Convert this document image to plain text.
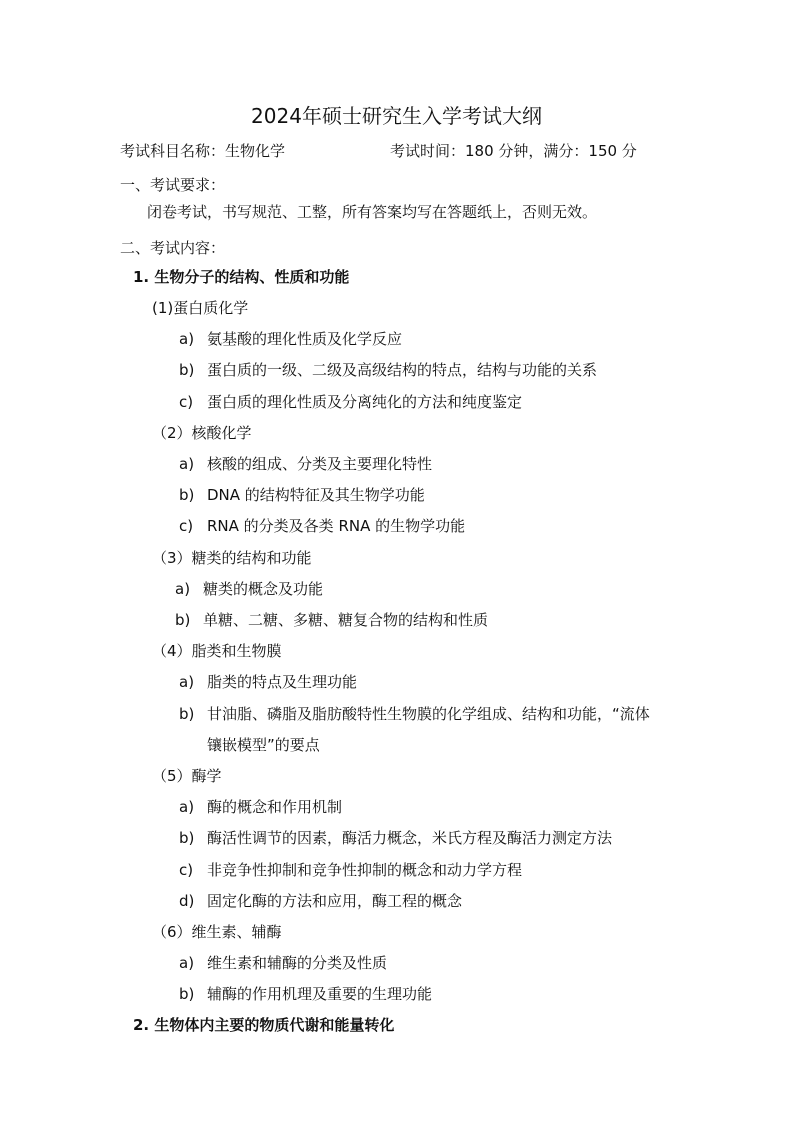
2024年硕士研究生入学考试大纲
考试科目名称：生物化学	考试时间：180 分钟，满分：150 分
一、考试要求：
闭卷考试，书写规范、工整，所有答案均写在答题纸上，否则无效。
二、考试内容：
1. 生物分子的结构、性质和功能
(1)蛋白质化学
a) 氨基酸的理化性质及化学反应
b) 蛋白质的一级、二级及高级结构的特点，结构与功能的关系
c) 蛋白质的理化性质及分离纯化的方法和纯度鉴定
（2）核酸化学
a) 核酸的组成、分类及主要理化特性
b) DNA 的结构特征及其生物学功能
c) RNA 的分类及各类 RNA 的生物学功能
（3）糖类的结构和功能
a) 糖类的概念及功能
b) 单糖、二糖、多糖、糖复合物的结构和性质
（4）脂类和生物膜
a) 脂类的特点及生理功能
b) 甘油脂、磷脂及脂肪酸特性生物膜的化学组成、结构和功能，“流体
镶嵌模型”的要点
（5）酶学
a) 酶的概念和作用机制
b) 酶活性调节的因素，酶活力概念，米氏方程及酶活力测定方法
c) 非竞争性抑制和竞争性抑制的概念和动力学方程
d) 固定化酶的方法和应用，酶工程的概念
（6）维生素、辅酶
a) 维生素和辅酶的分类及性质
b) 辅酶的作用机理及重要的生理功能
2. 生物体内主要的物质代谢和能量转化
